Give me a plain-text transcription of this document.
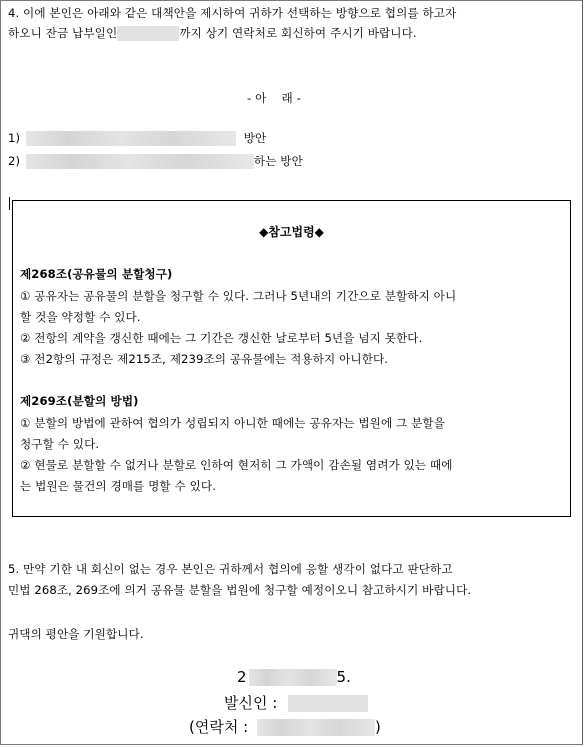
4. 이에 본인은 아래와 같은 대책안을 제시하여 귀하가 선택하는 방향으로 협의를 하고자
하오니 잔금 납부일인	까지 상기 연락처로 회신하여 주시기 바랍니다.
- 아    래 -
1)	방안
2)	하는 방안
◆참고법령◆
제268조(공유물의 분할청구)
① 공유자는 공유물의 분할을 청구할 수 있다. 그러나 5년내의 기간으로 분할하지 아니
할 것을 약정할 수 있다.
② 전항의 계약을 갱신한 때에는 그 기간은 갱신한 날로부터 5년을 넘지 못한다.
③ 전2항의 규정은 제215조, 제239조의 공유물에는 적용하지 아니한다.
제269조(분할의 방법)
① 분할의 방법에 관하여 협의가 성립되지 아니한 때에는 공유자는 법원에 그 분할을
청구할 수 있다.
② 현물로 분할할 수 없거나 분할로 인하여 현저히 그 가액이 감손될 염려가 있는 때에
는 법원은 물건의 경매를 명할 수 있다.
5. 만약 기한 내 회신이 없는 경우 본인은 귀하께서 협의에 응할 생각이 없다고 판단하고
민법 268조, 269조에 의거 공유물 분할을 법원에 청구할 예정이오니 참고하시기 바랍니다.
귀댁의 평안을 기원합니다.
2	5.
발신인 :
(연락처 :	)
